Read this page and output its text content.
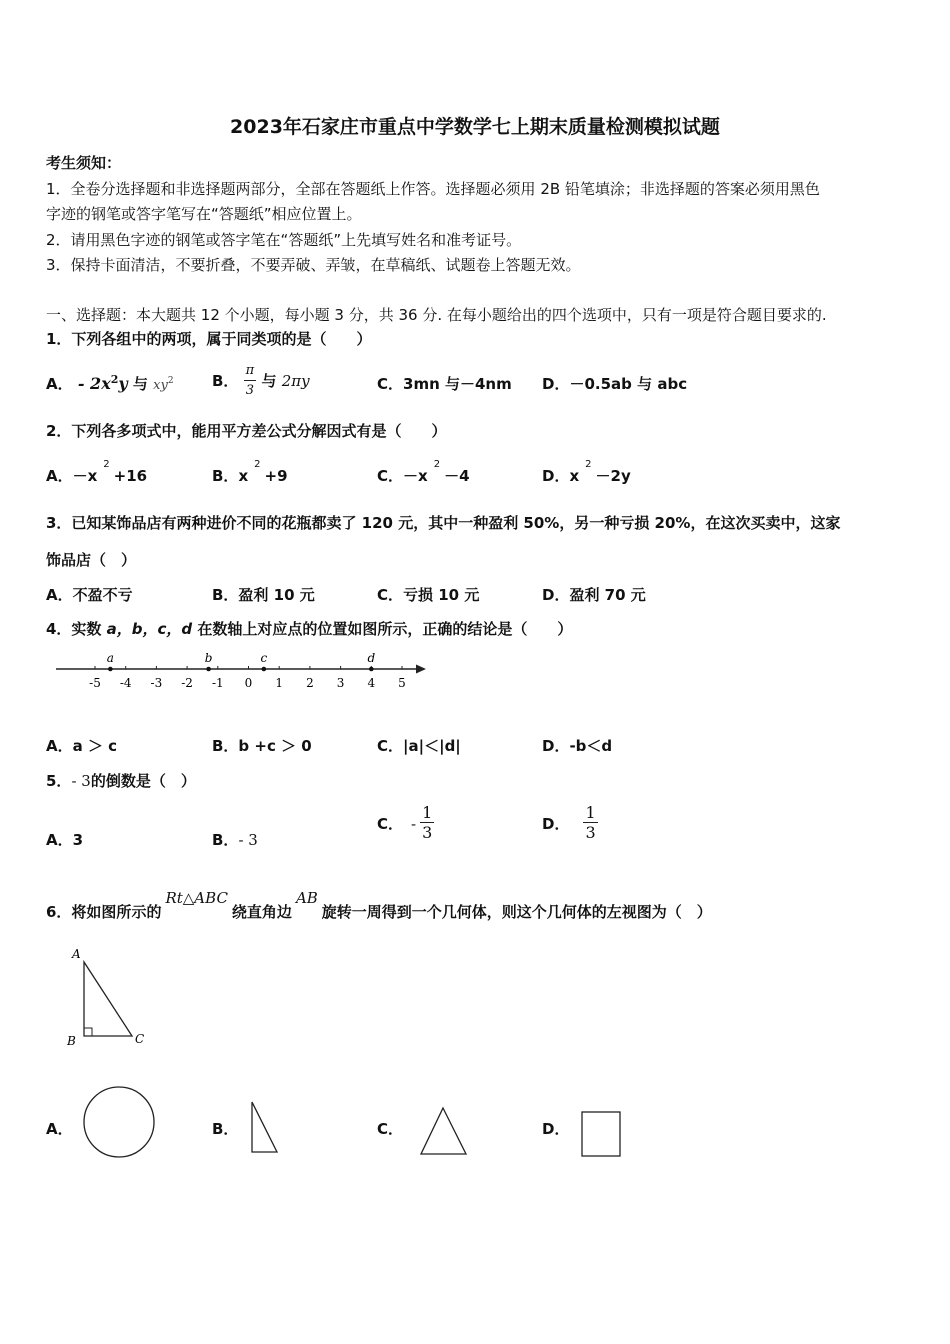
2023年石家庄市重点中学数学七上期末质量检测模拟试题
考生须知：
1．全卷分选择题和非选择题两部分，全部在答题纸上作答。选择题必须用 2B 铅笔填涂；非选择题的答案必须用黑色
字迹的钢笔或答字笔写在“答题纸”相应位置上。
2．请用黑色字迹的钢笔或答字笔在“答题纸”上先填写姓名和准考证号。
3．保持卡面清洁，不要折叠，不要弄破、弄皱，在草稿纸、试题卷上答题无效。
一、选择题：本大题共 12 个小题，每小题 3 分，共 36 分. 在每小题给出的四个选项中，只有一项是符合题目要求的.
1．下列各组中的两项，属于同类项的是（　　）
A． - $2x^2y$ 与 $xy^2$	B． $\frac{\pi}{3}$ 与 2πy	C．3mn 与－4nm D．－0.5ab 与 abc
2．下列各多项式中，能用平方差公式分解因式有是（　　）
A．$-x^2+16$	B．$x^2+9$	C．$-x^2-4$	D．$x^2-2y$
3．已知某饰品店有两种进价不同的花瓶都卖了 120 元，其中一种盈利 50%，另一种亏损 20%，在这次买卖中，这家
饰品店（　）
A．不盈不亏	B．盈利 10 元	C．亏损 10 元	D．盈利 70 元
4．实数 a，b，c，d 在数轴上对应点的位置如图所示，正确的结论是（　　）
-5 -4 -3 -2 -1 0 1 2 3 4 5
a	b	c	d
A．a ＞ c	B．b +c ＞ 0	C．|a|＜|d|	D．-b＜d
5．- 3的倒数是（　）
A．3	B．- 3
C． - $\frac{1}{3}$	D． $\frac{1}{3}$
6．将如图所示的Rt△ABC绕直角边AB旋转一周得到一个几何体，则这个几何体的左视图为（　）
A
B	C
A．	B．	C．	D．
